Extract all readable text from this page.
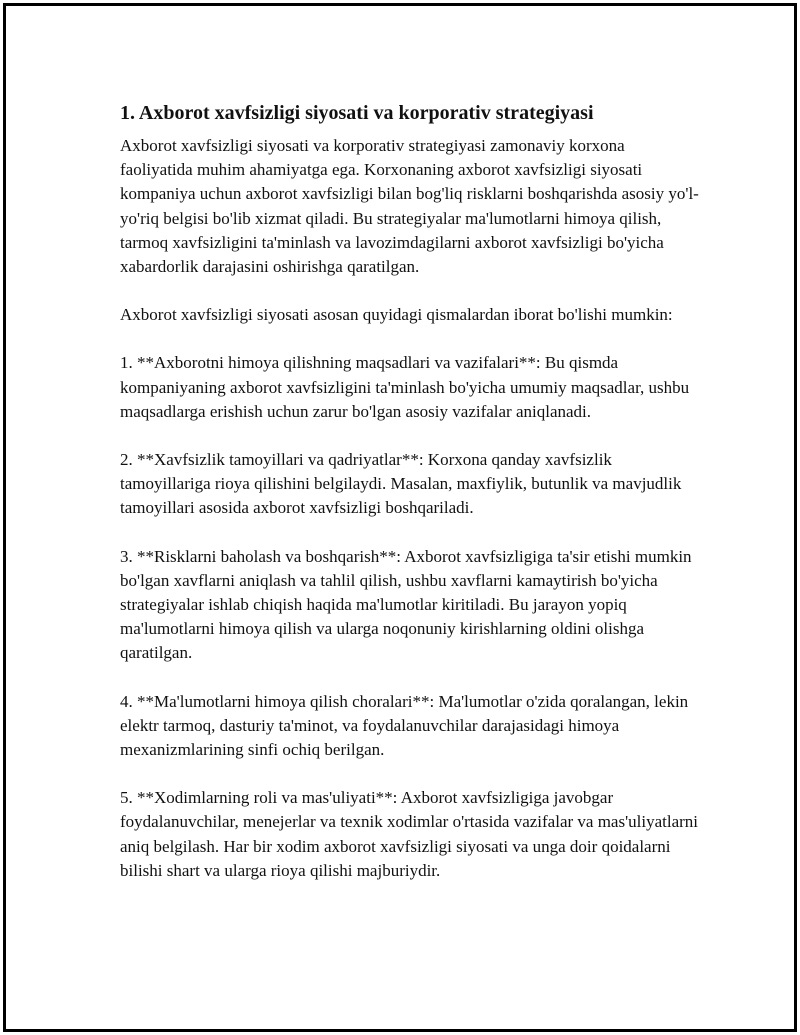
1. Axborot xavfsizligi siyosati va korporativ strategiyasi

Axborot xavfsizligi siyosati va korporativ strategiyasi zamonaviy korxona faoliyatida muhim ahamiyatga ega. Korxonaning axborot xavfsizligi siyosati kompaniya uchun axborot xavfsizligi bilan bog'liq risklarni boshqarishda asosiy yo'l-yo'riq belgisi bo'lib xizmat qiladi. Bu strategiyalar ma'lumotlarni himoya qilish, tarmoq xavfsizligini ta'minlash va lavozimdagilarni axborot xavfsizligi bo'yicha xabardorlik darajasini oshirishga qaratilgan.

Axborot xavfsizligi siyosati asosan quyidagi qismalardan iborat bo'lishi mumkin:

1. **Axborotni himoya qilishning maqsadlari va vazifalari**: Bu qismda kompaniyaning axborot xavfsizligini ta'minlash bo'yicha umumiy maqsadlar, ushbu maqsadlarga erishish uchun zarur bo'lgan asosiy vazifalar aniqlanadi.

2. **Xavfsizlik tamoyillari va qadriyatlar**: Korxona qanday xavfsizlik tamoyillariga rioya qilishini belgilaydi. Masalan, maxfiylik, butunlik va mavjudlik tamoyillari asosida axborot xavfsizligi boshqariladi.

3. **Risklarni baholash va boshqarish**: Axborot xavfsizligiga ta'sir etishi mumkin bo'lgan xavflarni aniqlash va tahlil qilish, ushbu xavflarni kamaytirish bo'yicha strategiyalar ishlab chiqish haqida ma'lumotlar kiritiladi. Bu jarayon yopiq ma'lumotlarni himoya qilish va ularga noqonuniy kirishlarning oldini olishga qaratilgan.

4. **Ma'lumotlarni himoya qilish choralari**: Ma'lumotlar o'zida qoralangan, lekin elektr tarmoq, dasturiy ta'minot, va foydalanuvchilar darajasidagi himoya mexanizmlarining sinfi ochiq berilgan.

5. **Xodimlarning roli va mas'uliyati**: Axborot xavfsizligiga javobgar foydalanuvchilar, menejerlar va texnik xodimlar o'rtasida vazifalar va mas'uliyatlarni aniq belgilash. Har bir xodim axborot xavfsizligi siyosati va unga doir qoidalarni bilishi shart va ularga rioya qilishi majburiydir.
